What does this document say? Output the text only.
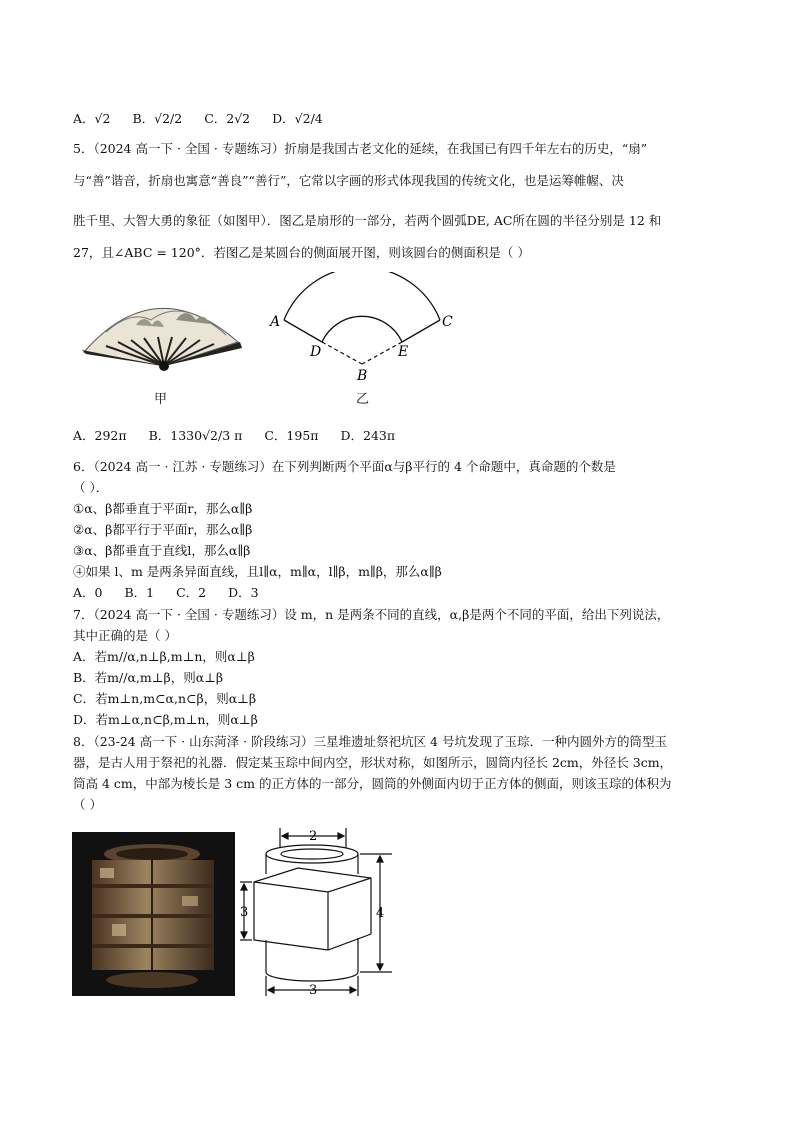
A．√2 B．√2/2 C．2√2 D．√2/4
5．（2024 高一下 · 全国 · 专题练习）折扇是我国古老文化的延续，在我国已有四千年左右的历史，“扇”
与“善”谐音，折扇也寓意“善良”“善行”，它常以字画的形式体现我国的传统文化，也是运筹帷幄、决
胜千里、大智大勇的象征（如图甲）．图乙是扇形的一部分，若两个圆弧DE, AC所在圆的半径分别是 12 和
27，且∠ABC = 120°．若图乙是某圆台的侧面展开图，则该圆台的侧面积是（ ）
甲
A	C
D	E
B
乙
A．292π B．1330√2/3 π C．195π D．243π
6．（2024 高一 · 江苏 · 专题练习）在下列判断两个平面α与β平行的 4 个命题中，真命题的个数是
（ ）．
①α、β都垂直于平面r，那么α∥β
②α、β都平行于平面r，那么α∥β
③α、β都垂直于直线l，那么α∥β
④如果 l、m 是两条异面直线，且l∥α，m∥α，l∥β，m∥β，那么α∥β
A．0 B．1 C．2 D．3
7．（2024 高一下 · 全国 · 专题练习）设 m，n 是两条不同的直线，α,β是两个不同的平面，给出下列说法，
其中正确的是（ ）
A．若m//α,n⊥β,m⊥n，则α⊥β
B．若m//α,m⊥β，则α⊥β
C．若m⊥n,m⊂α,n⊂β，则α⊥β
D．若m⊥α,n⊂β,m⊥n，则α⊥β
8．（23-24 高一下 · 山东菏泽 · 阶段练习）三星堆遗址祭祀坑区 4 号坑发现了玉琮．一种内圆外方的筒型玉
器，是古人用于祭祀的礼器．假定某玉琮中间内空，形状对称，如图所示，圆筒内径长 2cm，外径长 3cm，
筒高 4 cm，中部为棱长是 3 cm 的正方体的一部分，圆筒的外侧面内切于正方体的侧面，则该玉琮的体积为
（ ）
2
3	4
3
